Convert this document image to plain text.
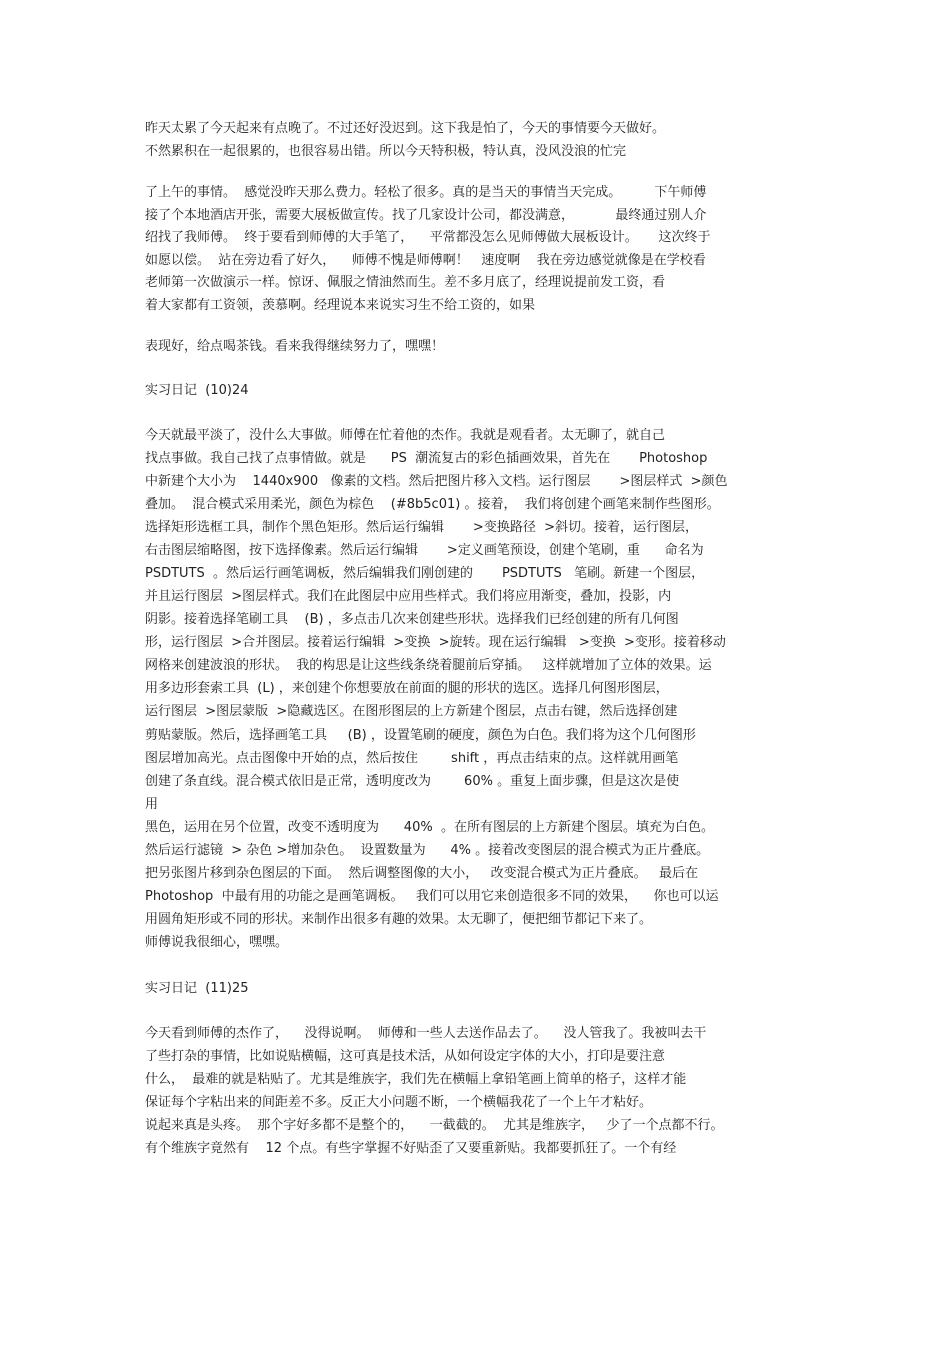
昨天太累了今天起来有点晚了。不过还好没迟到。这下我是怕了，今天的事情要今天做好。
不然累积在一起很累的，也很容易出错。所以今天特积极，特认真，没风没浪的忙完
了上午的事情。  感觉没昨天那么费力。轻松了很多。真的是当天的事情当天完成。        下午师傅
接了个本地酒店开张，需要大展板做宣传。找了几家设计公司，都没满意，          最终通过别人介
绍找了我师傅。  终于要看到师傅的大手笔了，    平常都没怎么见师傅做大展板设计。     这次终于
如愿以偿。  站在旁边看了好久，    师傅不愧是师傅啊！   速度啊    我在旁边感觉就像是在学校看
老师第一次做演示一样。惊讶、佩服之情油然而生。差不多月底了，经理说提前发工资，看
着大家都有工资领，羡慕啊。经理说本来说实习生不给工资的，如果
表现好，给点喝茶钱。看来我得继续努力了，嘿嘿！
实习日记  (10)24
今天就最平淡了，没什么大事做。师傅在忙着他的杰作。我就是观看者。太无聊了，就自己
找点事做。我自己找了点事情做。就是      PS  潮流复古的彩色插画效果，首先在       Photoshop
中新建个大小为    1440x900   像素的文档。然后把图片移入文档。运行图层       >图层样式  >颜色
叠加。  混合模式采用柔光，颜色为棕色    (#8b5c01) 。接着，  我们将创建个画笔来制作些图形。
选择矩形选框工具，制作个黑色矩形。然后运行编辑       >变换路径  >斜切。接着，运行图层，
右击图层缩略图，按下选择像素。然后运行编辑       >定义画笔预设，创建个笔刷，重      命名为
PSDTUTS  。然后运行画笔调板，然后编辑我们刚创建的       PSDTUTS   笔刷。新建一个图层，
并且运行图层  >图层样式。我们在此图层中应用些样式。我们将应用渐变，叠加，投影，内
阴影。接着选择笔刷工具    (B) ，多点击几次来创建些形状。选择我们已经创建的所有几何图
形，运行图层  >合并图层。接着运行编辑  >变换  >旋转。现在运行编辑   >变换  >变形。接着移动
网格来创建波浪的形状。  我的构思是让这些线条绕着腿前后穿插。   这样就增加了立体的效果。运
用多边形套索工具  (L) ，来创建个你想要放在前面的腿的形状的选区。选择几何图形图层，
运行图层  >图层蒙版  >隐藏选区。在图形图层的上方新建个图层，点击右键，然后选择创建
剪贴蒙版。然后，选择画笔工具     (B) ，设置笔刷的硬度，颜色为白色。我们将为这个几何图形
图层增加高光。点击图像中开始的点，然后按住        shift ，再点击结束的点。这样就用画笔
创建了条直线。混合模式依旧是正常，透明度改为        60% 。重复上面步骤，但是这次是使
用
黑色，运用在另个位置，改变不透明度为      40%  。在所有图层的上方新建个图层。填充为白色。
然后运行滤镜  > 杂色 >增加杂色。  设置数量为      4% 。接着改变图层的混合模式为正片叠底。
把另张图片移到杂色图层的下面。  然后调整图像的大小，   改变混合模式为正片叠底。   最后在
Photoshop  中最有用的功能之是画笔调板。   我们可以用它来创造很多不同的效果，    你也可以运
用圆角矩形或不同的形状。来制作出很多有趣的效果。太无聊了，便把细节都记下来了。
师傅说我很细心，嘿嘿。
实习日记  (11)25
今天看到师傅的杰作了，    没得说啊。  师傅和一些人去送作品去了。    没人管我了。我被叫去干
了些打杂的事情，比如说贴横幅，这可真是技术活，从如何设定字体的大小，打印是要注意
什么，  最难的就是粘贴了。尤其是维族字，我们先在横幅上拿铅笔画上简单的格子，这样才能
保证每个字粘出来的间距差不多。反正大小问题不断，一个横幅我花了一个上午才粘好。
说起来真是头疼。  那个字好多都不是整个的，    一截截的。  尤其是维族字，   少了一个点都不行。
有个维族字竟然有    12 个点。有些字掌握不好贴歪了又要重新贴。我都要抓狂了。一个有经
